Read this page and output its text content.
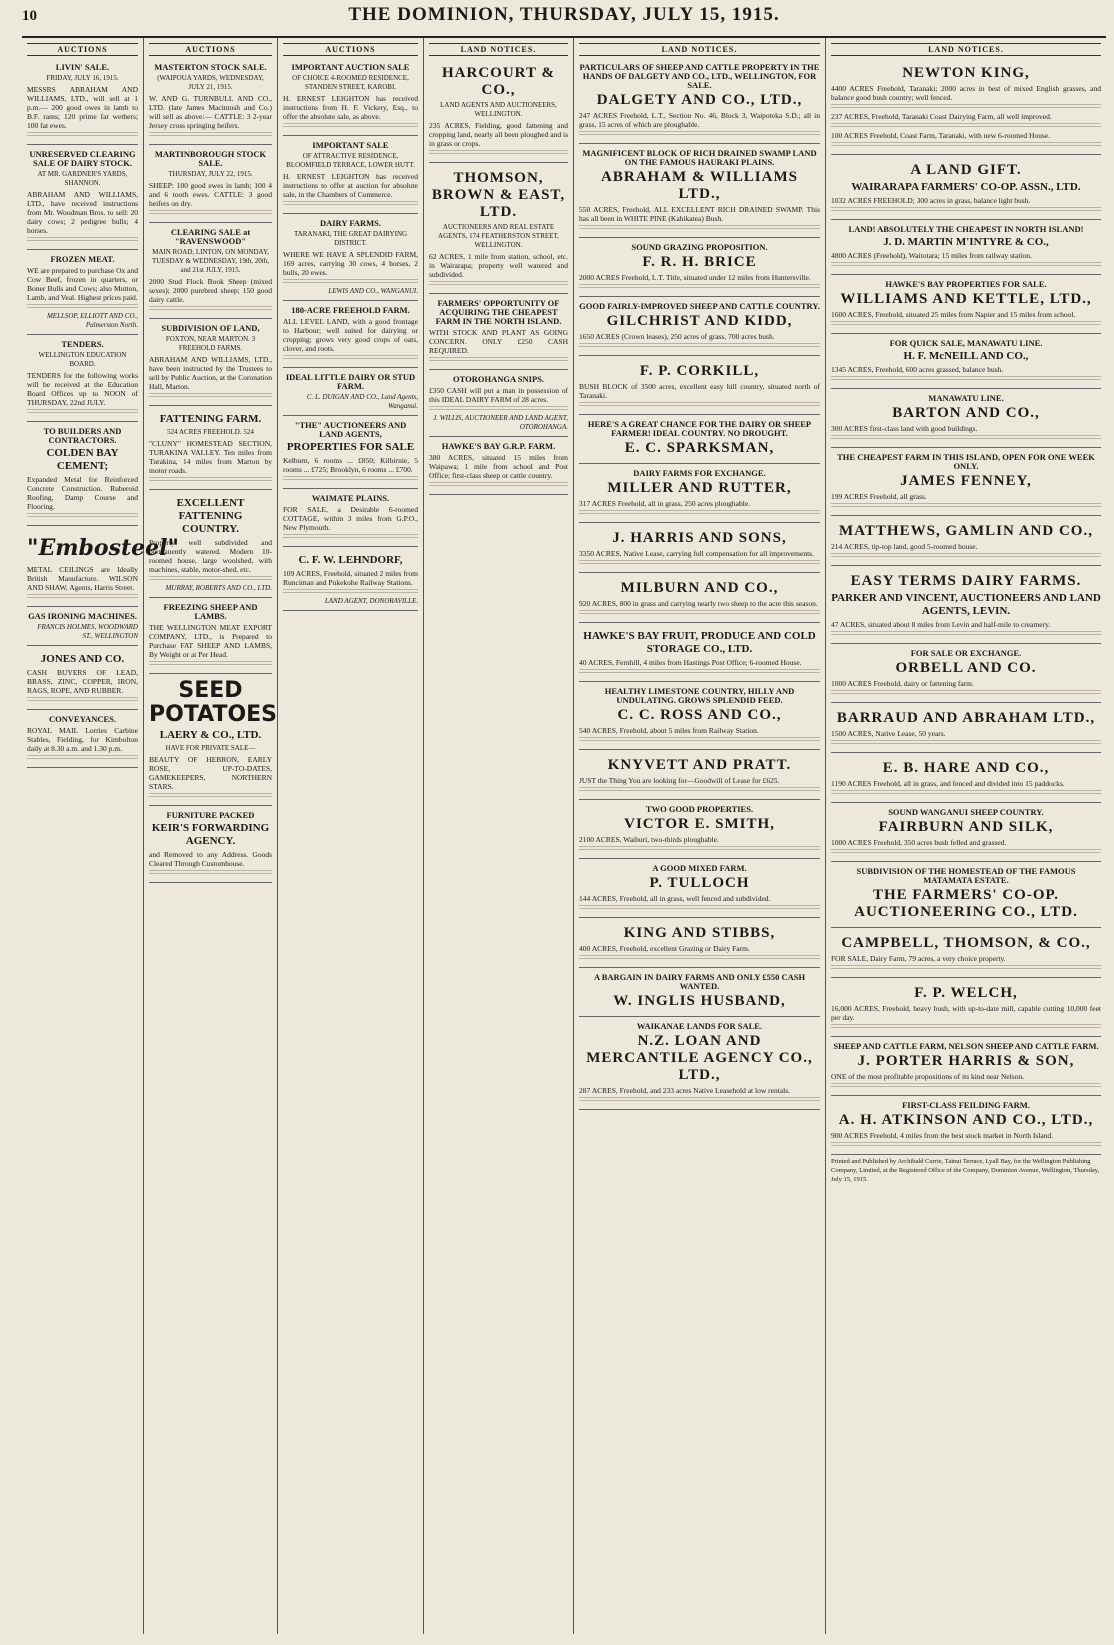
10	THE DOMINION, THURSDAY, JULY 15, 1915.
AUCTIONS
LIVIN' SALE.
FRIDAY, JULY 16, 1915.

MESSRS ABRAHAM AND WILLIAMS, LTD., will sell at 1 p.m.— 200 good owes in lamb to B.F. rams; 120 prime fat wethers; 100 fat ewes.

UNRESERVED CLEARING SALE OF DAIRY STOCK.
AT MR. GARDNER'S YARDS, SHANNON.

ABRAHAM AND WILLIAMS, LTD., have received instructions from Mr. Woodman Bros. to sell: 20 dairy cows; 2 pedigree bulls; 4 horses.

FROZEN MEAT.

WE are prepared to purchase Ox and Cow Beef, frozen in quarters, or Boner Bulls and Cows; also Mutton, Lamb, and Veal. Highest prices paid.

MELLSOP, ELLIOTT AND CO., Palmerston North.
TENDERS.
WELLINGTON EDUCATION BOARD.

TENDERS for the following works will be received at the Education Board Offices up to NOON of THURSDAY, 22nd JULY.

TO BUILDERS AND CONTRACTORS.
COLDEN BAY CEMENT;

Expanded Metal for Reinforced Concrete Construction. Ruberoid Roofing, Damp Course and Flooring.

"Embosteel"

METAL CEILINGS are Ideally British Manufacture. WILSON AND SHAW, Agents, Harris Street.

GAS IRONING MACHINES.
FRANCIS HOLMES, WOODWARD ST., WELLINGTON
JONES AND CO.

CASH BUYERS OF LEAD, BRASS, ZINC, COPPER, IRON, RAGS, ROPE, AND RUBBER.

CONVEYANCES.

ROYAL MAIL Lorries Carbine Stables, Fielding, for Kimbolton daily at 8.30 a.m. and 1.30 p.m.

AUCTIONS
MASTERTON STOCK SALE.
(WAIPOUA YARDS, WEDNESDAY, JULY 21, 1915.

W. AND G. TURNBULL AND CO., LTD. (late James Macintosh and Co.) will sell as above:— CATTLE: 3 2-year Jersey cross springing heifers.

MARTINBOROUGH STOCK SALE.
THURSDAY, JULY 22, 1915.

SHEEP: 100 good ewes in lamb; 100 4 and 6 tooth ewes. CATTLE: 3 good heifers on dry.

CLEARING SALE at "RAVENSWOOD"
MAIN ROAD, LINTON, ON MONDAY, TUESDAY & WEDNESDAY, 19th, 20th, and 21st JULY, 1915.

2000 Stud Flock Book Sheep (mixed sexes); 2000 purebred sheep; 150 good dairy cattle.

SUBDIVISION OF LAND,
FOXTON, NEAR MARTON. 3 FREEHOLD FARMS.

ABRAHAM AND WILLIAMS, LTD., have been instructed by the Trustees to sell by Public Auction, at the Coronation Hall, Marton.

FATTENING FARM.
524 ACRES FREEHOLD. 524

"CLUNY" HOMESTEAD SECTION, TURAKINA VALLEY. Ten miles from Turakina, 14 miles from Marton by motor roads.

EXCELLENT FATTENING COUNTRY.

Property well subdivided and permanently watered. Modern 10-roomed house, large woolshed, with machines, stable, motor-shed, etc.

MURRAY, ROBERTS AND CO., LTD.
FREEZING SHEEP AND LAMBS.

THE WELLINGTON MEAT EXPORT COMPANY, LTD., is Prepared to Purchase FAT SHEEP AND LAMBS, By Weight or at Per Head.

SEED POTATOES
LAERY & CO., LTD.
HAVE FOR PRIVATE SALE—

BEAUTY OF HEBRON, EARLY ROSE, UP-TO-DATES, GAMEKEEPERS, NORTHERN STARS.

FURNITURE PACKED
KEIR'S FORWARDING AGENCY.

and Removed to any Address. Goods Cleared Through Customhouse.

AUCTIONS
IMPORTANT AUCTION SALE
OF CHOICE 4-ROOMED RESIDENCE, STANDEN STREET, KAROBI.

H. ERNEST LEIGHTON has received instructions from H. F. Vickery, Esq., to offer the absolute sale, as above.

IMPORTANT SALE
OF ATTRACTIVE RESIDENCE, BLOOMFIELD TERRACE, LOWER HUTT.

H. ERNEST LEIGHTON has received instructions to offer at auction for absolute sale, in the Chambers of Commerce.

DAIRY FARMS.
TARANAKI, THE GREAT DAIRYING DISTRICT.

WHERE WE HAVE A SPLENDID FARM, 169 acres, carrying 30 cows, 4 horses, 2 bulls, 20 ewes.

LEWIS AND CO., WANGANUI.
180-ACRE FREEHOLD FARM.

ALL LEVEL LAND, with a good frontage to Harbour; well suited for dairying or cropping; grows very good crops of oats, clover, and roots.

IDEAL LITTLE DAIRY OR STUD FARM.
C. L. DUIGAN AND CO., Land Agents, Wanganui.
"THE" AUCTIONEERS AND LAND AGENTS,
PROPERTIES FOR SALE

Kelburn, 6 rooms ... £850; Kilbirnie, 5 rooms ... £725; Brooklyn, 6 rooms ... £700.

WAIMATE PLAINS.

FOR SALE, a Desirable 6-roomed COTTAGE, within 3 miles from G.P.O., New Plymouth.

C. F. W. LEHNDORF,

109 ACRES, Freehold, situated 2 miles from Runciman and Pukekohe Railway Stations.

LAND AGENT, DONORAVILLE.
LAND NOTICES.
HARCOURT & CO.,
LAND AGENTS AND AUCTIONEERS, WELLINGTON.

235 ACRES, Fielding, good fattening and cropping land, nearly all been ploughed and is in grass or crops.

THOMSON, BROWN & EAST, LTD.
AUCTIONEERS AND REAL ESTATE AGENTS, 174 FEATHERSTON STREET, WELLINGTON.

62 ACRES, 1 mile from station, school, etc. in Wairarapa; property well watered and subdivided.

FARMERS' OPPORTUNITY OF ACQUIRING THE CHEAPEST FARM IN THE NORTH ISLAND.

WITH STOCK AND PLANT AS GOING CONCERN. ONLY £250 CASH REQUIRED.

OTOROHANGA SNIPS.

£350 CASH will put a man in possession of this IDEAL DAIRY FARM of 28 acres.

J. WILLIS, AUCTIONEER AND LAND AGENT, OTOROHANGA.
HAWKE'S BAY G.R.P. FARM.

380 ACRES, situated 15 miles from Waipawa; 1 mile from school and Post Office; first-class sheep or cattle country.

LAND NOTICES.
PARTICULARS OF SHEEP AND CATTLE PROPERTY IN THE HANDS OF DALGETY AND CO., LTD., WELLINGTON, FOR SALE.
DALGETY AND CO., LTD.,

247 ACRES Freehold, L.T., Section No. 46, Block 3, Waipoteka S.D.; all in grass, 15 acres of which are ploughable.

MAGNIFICENT BLOCK OF RICH DRAINED SWAMP LAND ON THE FAMOUS HAURAKI PLAINS.
ABRAHAM & WILLIAMS LTD.,

550 ACRES, Freehold, ALL EXCELLENT RICH DRAINED SWAMP. This has all been in WHITE PINE (Kahikatea) Bush.

SOUND GRAZING PROPOSITION.
F. R. H. BRICE

2000 ACRES Freehold, L.T. Title, situated under 12 miles from Huntersville.

GOOD FAIRLY-IMPROVED SHEEP AND CATTLE COUNTRY.
GILCHRIST AND KIDD,

1650 ACRES (Crown leases), 250 acres of grass, 700 acres bush.

F. P. CORKILL,

BUSH BLOCK of 3500 acres, excellent easy hill country, situated north of Taranaki.

HERE'S A GREAT CHANCE FOR THE DAIRY OR SHEEP FARMER! IDEAL COUNTRY. NO DROUGHT.
E. C. SPARKSMAN,
DAIRY FARMS FOR EXCHANGE.
MILLER AND RUTTER,

317 ACRES Freehold, all in grass, 250 acres ploughable.

J. HARRIS AND SONS,

3350 ACRES, Native Lease, carrying full compensation for all improvements.

MILBURN AND CO.,

920 ACRES, 800 in grass and carrying nearly two sheep to the acre this season.

HAWKE'S BAY FRUIT, PRODUCE AND COLD STORAGE CO., LTD.

40 ACRES, Fernhill, 4 miles from Hastings Post Office; 6-roomed House.

HEALTHY LIMESTONE COUNTRY, HILLY AND UNDULATING. GROWS SPLENDID FEED.
C. C. ROSS AND CO.,

540 ACRES, Freehold, about 5 miles from Railway Station.

KNYVETT AND PRATT.

JUST the Thing You are looking for—Goodwill of Lease for £625.

TWO GOOD PROPERTIES.
VICTOR E. SMITH,

2100 ACRES, Waihuri, two-thirds ploughable.

A GOOD MIXED FARM.
P. TULLOCH

144 ACRES, Freehold, all in grass, well fenced and subdivided.

KING AND STIBBS,

400 ACRES, Freehold, excellent Grazing or Dairy Farm.

A BARGAIN IN DAIRY FARMS AND ONLY £550 CASH WANTED.
W. INGLIS HUSBAND,
WAIKANAE LANDS FOR SALE.
N.Z. LOAN AND MERCANTILE AGENCY CO., LTD.,

287 ACRES, Freehold, and 233 acres Native Leasehold at low rentals.

LAND NOTICES.
NEWTON KING,

4400 ACRES Freehold, Taranaki; 2000 acres in best of mixed English grasses, and balance good bush country; well fenced.

237 ACRES, Freehold, Taranaki Coast Dairying Farm, all well improved.

100 ACRES Freehold, Coast Farm, Taranaki, with new 6-roomed House.

A LAND GIFT.
WAIRARAPA FARMERS' CO-OP. ASSN., LTD.

1032 ACRES FREEHOLD; 300 acres in grass, balance light bush.

LAND! ABSOLUTELY THE CHEAPEST IN NORTH ISLAND!
J. D. MARTIN M'INTYRE & CO.,

4800 ACRES (Freehold), Waitotara; 15 miles from railway station.

HAWKE'S BAY PROPERTIES FOR SALE.
WILLIAMS AND KETTLE, LTD.,

1600 ACRES, Freehold, situated 25 miles from Napier and 15 miles from school.

FOR QUICK SALE, MANAWATU LINE.
H. F. McNEILL AND CO.,

1345 ACRES, Freehold, 600 acres grassed, balance bush.

MANAWATU LINE.
BARTON AND CO.,

300 ACRES first-class land with good buildings.

THE CHEAPEST FARM IN THIS ISLAND, OPEN FOR ONE WEEK ONLY.
JAMES FENNEY,

199 ACRES Freehold, all grass.

MATTHEWS, GAMLIN AND CO.,

214 ACRES, tip-top land, good 5-roomed house.

EASY TERMS DAIRY FARMS.
PARKER AND VINCENT, AUCTIONEERS AND LAND AGENTS, LEVIN.

47 ACRES, situated about 8 miles from Levin and half-mile to creamery.

FOR SALE OR EXCHANGE.
ORBELL AND CO.

1000 ACRES Freehold, dairy or fattening farm.

BARRAUD AND ABRAHAM LTD.,

1500 ACRES, Native Lease, 50 years.

E. B. HARE AND CO.,

1190 ACRES Freehold, all in grass, and fenced and divided into 15 paddocks.

SOUND WANGANUI SHEEP COUNTRY.
FAIRBURN AND SILK,

1000 ACRES Freehold, 350 acres bush felled and grassed.

SUBDIVISION OF THE HOMESTEAD OF THE FAMOUS MATAMATA ESTATE.
THE FARMERS' CO-OP. AUCTIONEERING CO., LTD.
CAMPBELL, THOMSON, & CO.,

FOR SALE, Dairy Farm, 79 acres, a very choice property.

F. P. WELCH,

16,000 ACRES, Freehold, heavy bush, with up-to-date mill, capable cutting 10,000 feet per day.

SHEEP AND CATTLE FARM, NELSON SHEEP AND CATTLE FARM.
J. PORTER HARRIS & SON,

ONE of the most profitable propositions of its kind near Nelson.

FIRST-CLASS FEILDING FARM.
A. H. ATKINSON AND CO., LTD.,

900 ACRES Freehold, 4 miles from the best stock market in North Island.

Printed and Published by Archibald Currie, Tainui Terrace, Lyall Bay, for the Wellington Publishing Company, Limited, at the Registered Office of the Company, Dominion Avenue, Wellington, Thursday, July 15, 1915.
